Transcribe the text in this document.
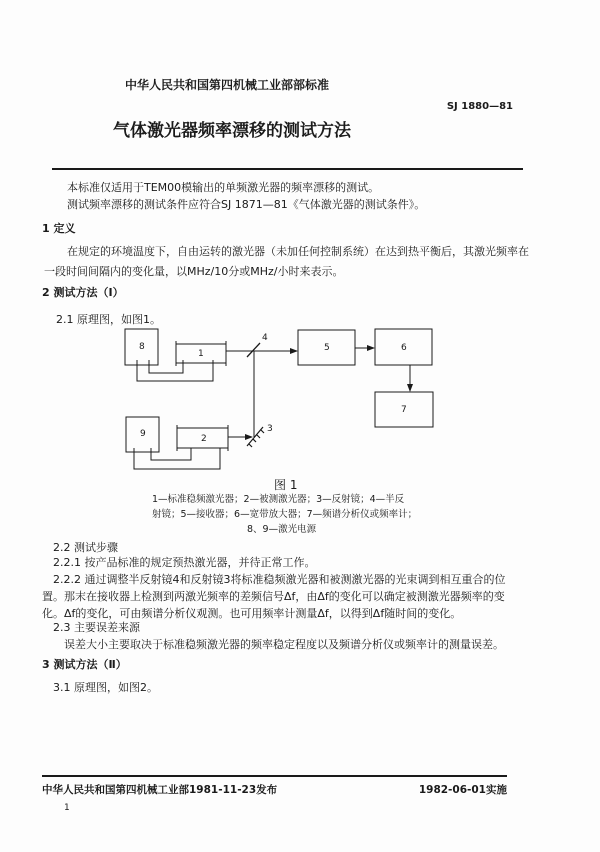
中华人民共和国第四机械工业部部标准
SJ 1880—81
气体激光器频率漂移的测试方法
本标准仅适用于TEM00模输出的单频激光器的频率漂移的测试。
测试频率漂移的测试条件应符合SJ 1871—81《气体激光器的测试条件》。
1 定义
在规定的环境温度下，自由运转的激光器（未加任何控制系统）在达到热平衡后，其激光频率在
一段时间间隔内的变化量，以MHz/10分或MHz/小时来表示。
2 测试方法（Ⅰ）
2.1 原理图，如图1。
8
1
4
5	6
7
9	2
3
图 1
1—标准稳频激光器；2—被测激光器；3—反射镜；4—半反
射镜；5—接收器；6—宽带放大器；7—频谱分析仪或频率计；
8、9—激光电源
2.2 测试步骤
2.2.1 按产品标准的规定预热激光器，并待正常工作。
2.2.2 通过调整半反射镜4和反射镜3将标准稳频激光器和被测激光器的光束调到相互重合的位
置。那末在接收器上检测到两激光频率的差频信号Δf，由Δf的变化可以确定被测激光器频率的变
化。Δf的变化，可由频谱分析仪观测。也可用频率计测量Δf，以得到Δf随时间的变化。
2.3 主要误差来源
误差大小主要取决于标准稳频激光器的频率稳定程度以及频谱分析仪或频率计的测量误差。
3 测试方法（Ⅱ）
3.1 原理图，如图2。
中华人民共和国第四机械工业部1981-11-23发布	1982-06-01实施
1
